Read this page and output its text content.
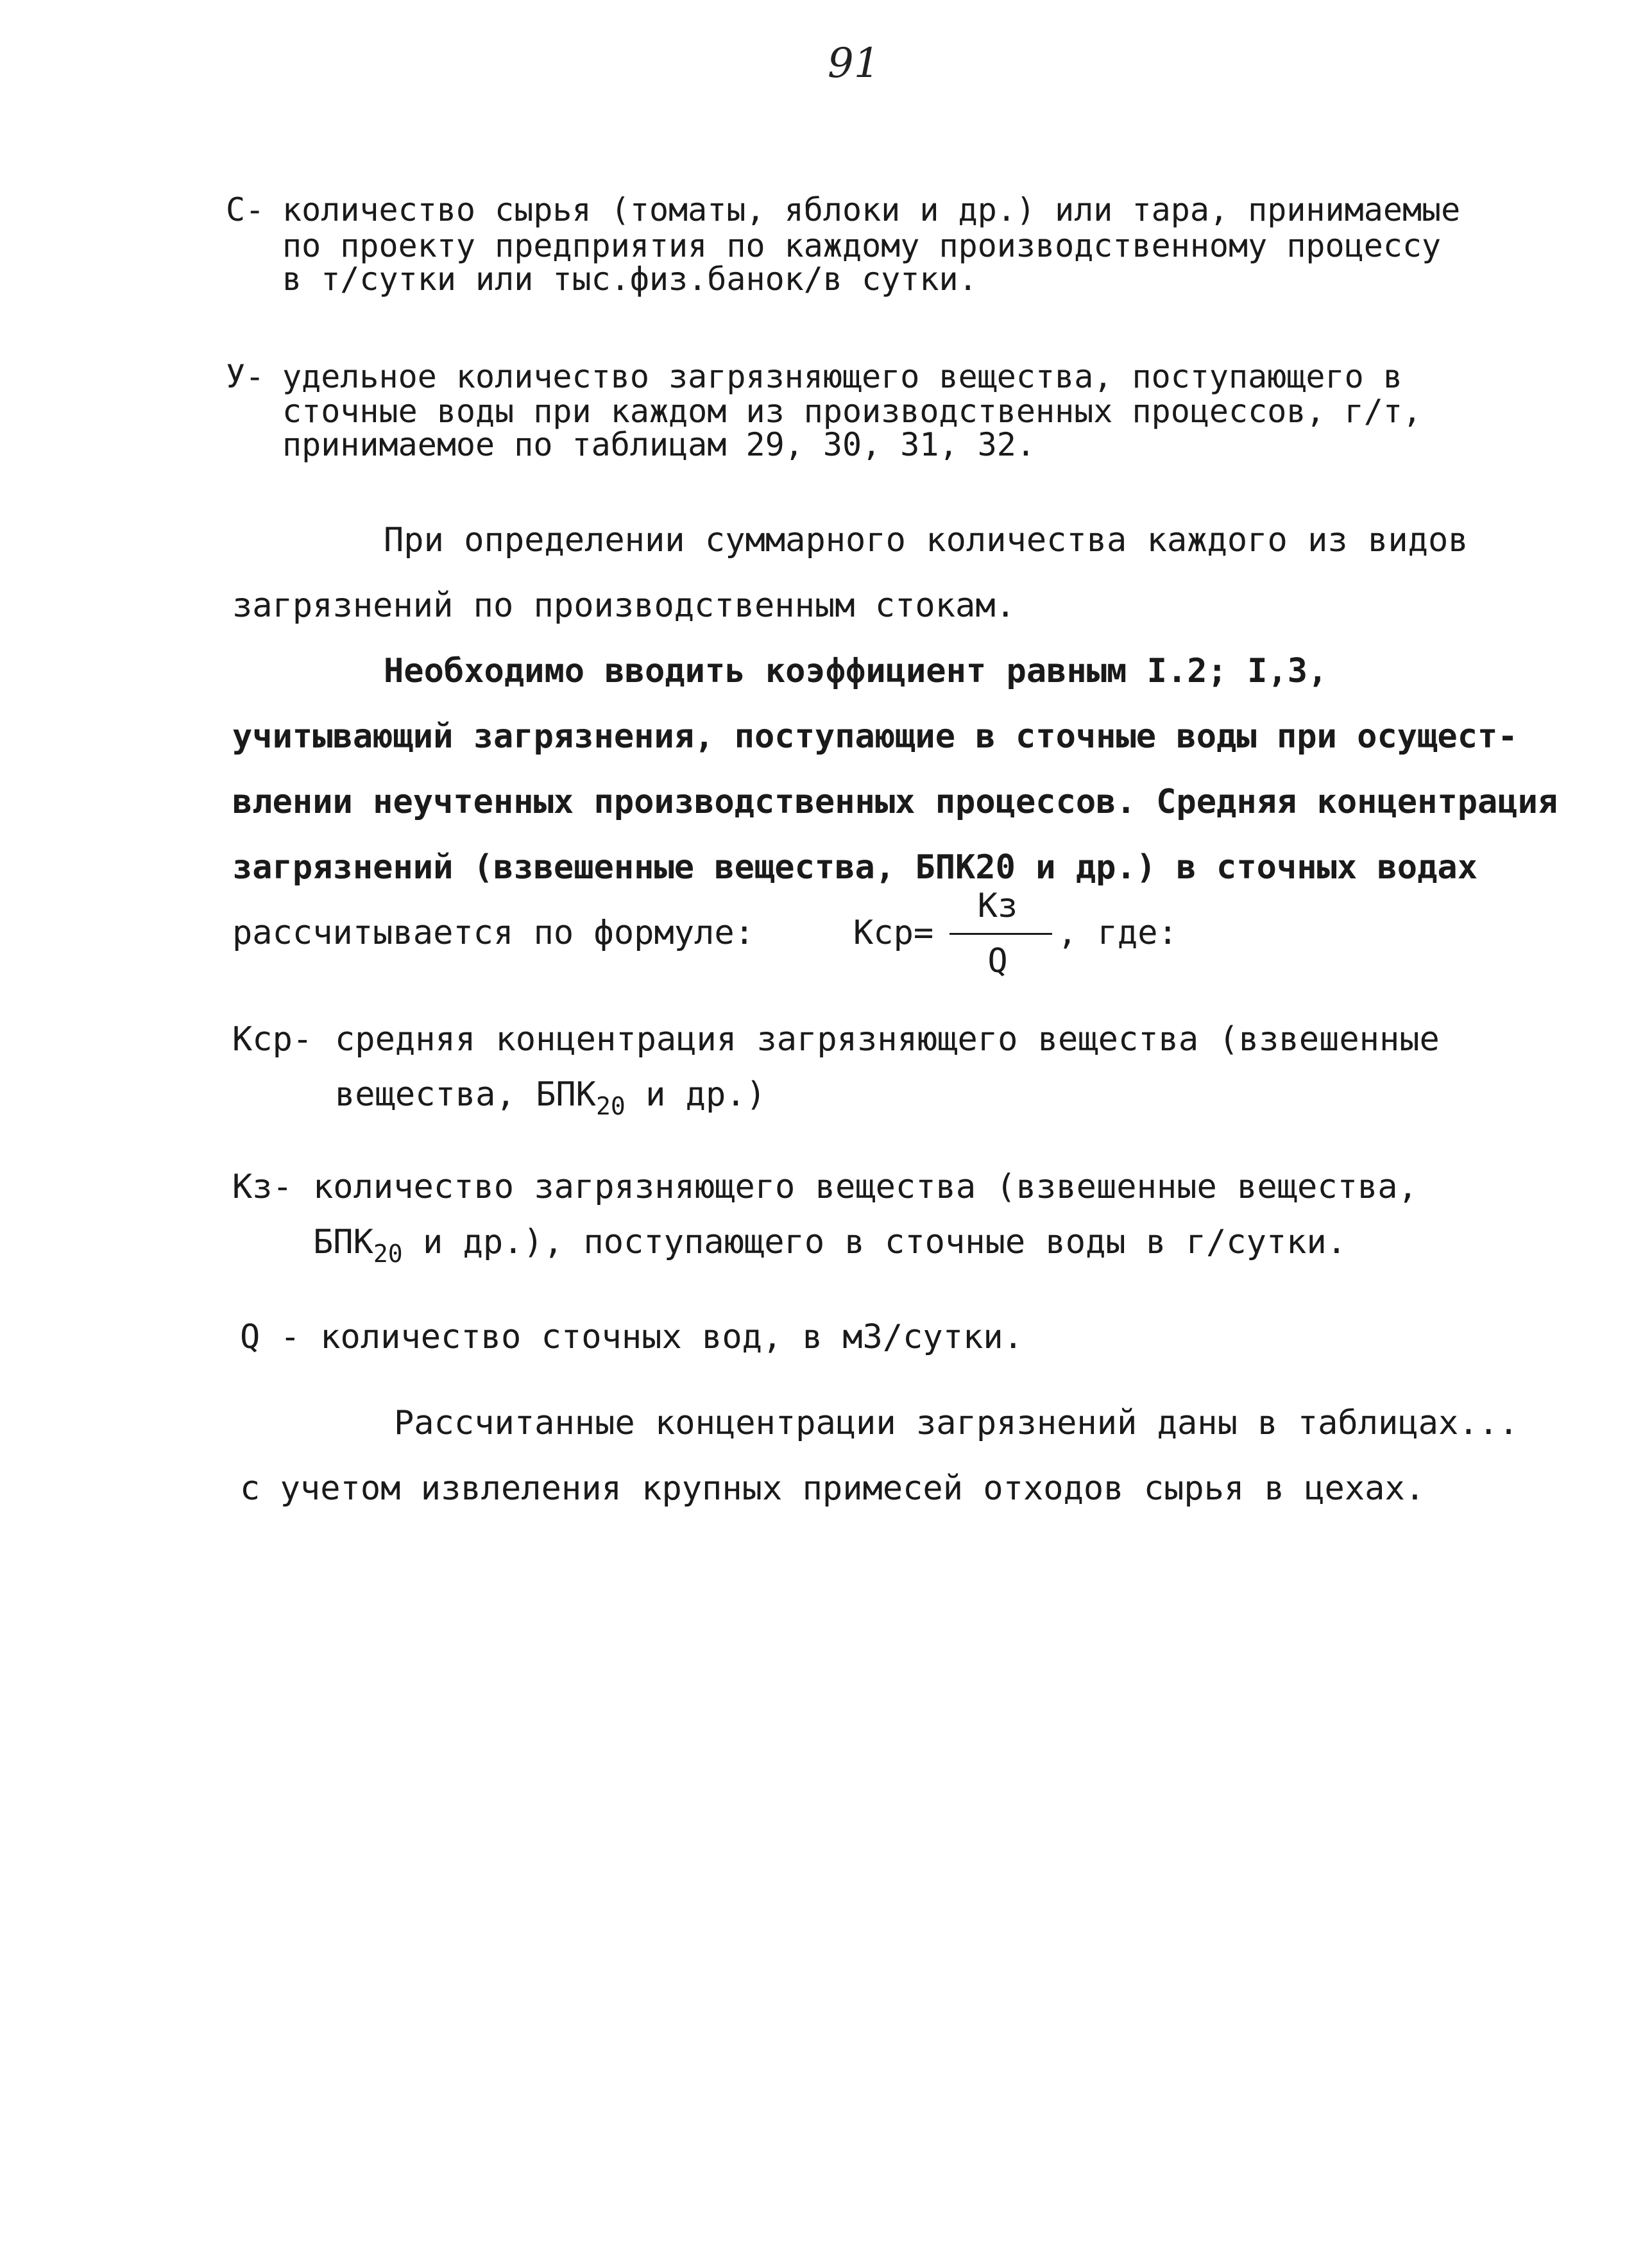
91
С- количество сырья (томаты, яблоки и др.) или тара, принимаемые
по проекту предприятия по каждому производственному процессу
в т/сутки или тыс.физ.банок/в сутки.
У- удельное количество загрязняющего вещества, поступающего в
сточные воды при каждом из производственных процессов, г/т,
принимаемое по таблицам 29, 30, 31, 32.
При определении суммарного количества каждого из видов
загрязнений по производственным стокам.
Необходимо вводить коэффициент равным I.2; I,3,
учитывающий загрязнения, поступающие в сточные воды при осущест-
влении неучтенных производственных процессов. Средняя концентрация
загрязнений (взвешенные вещества, БПК20 и др.) в сточных водах
рассчитывается по формуле:	Кср=
Кз
Q
, где:
Кср- средняя концентрация загрязняющего вещества (взвешенные
вещества, $БПК_{20}$ и др.)
Кз- количество загрязняющего вещества (взвешенные вещества,
$БПК_{20}$ и др.), поступающего в сточные воды в г/сутки.
Q - количество сточных вод, в м3/сутки.
Рассчитанные концентрации загрязнений даны в таблицах...
с учетом извлеления крупных примесей отходов сырья в цехах.
